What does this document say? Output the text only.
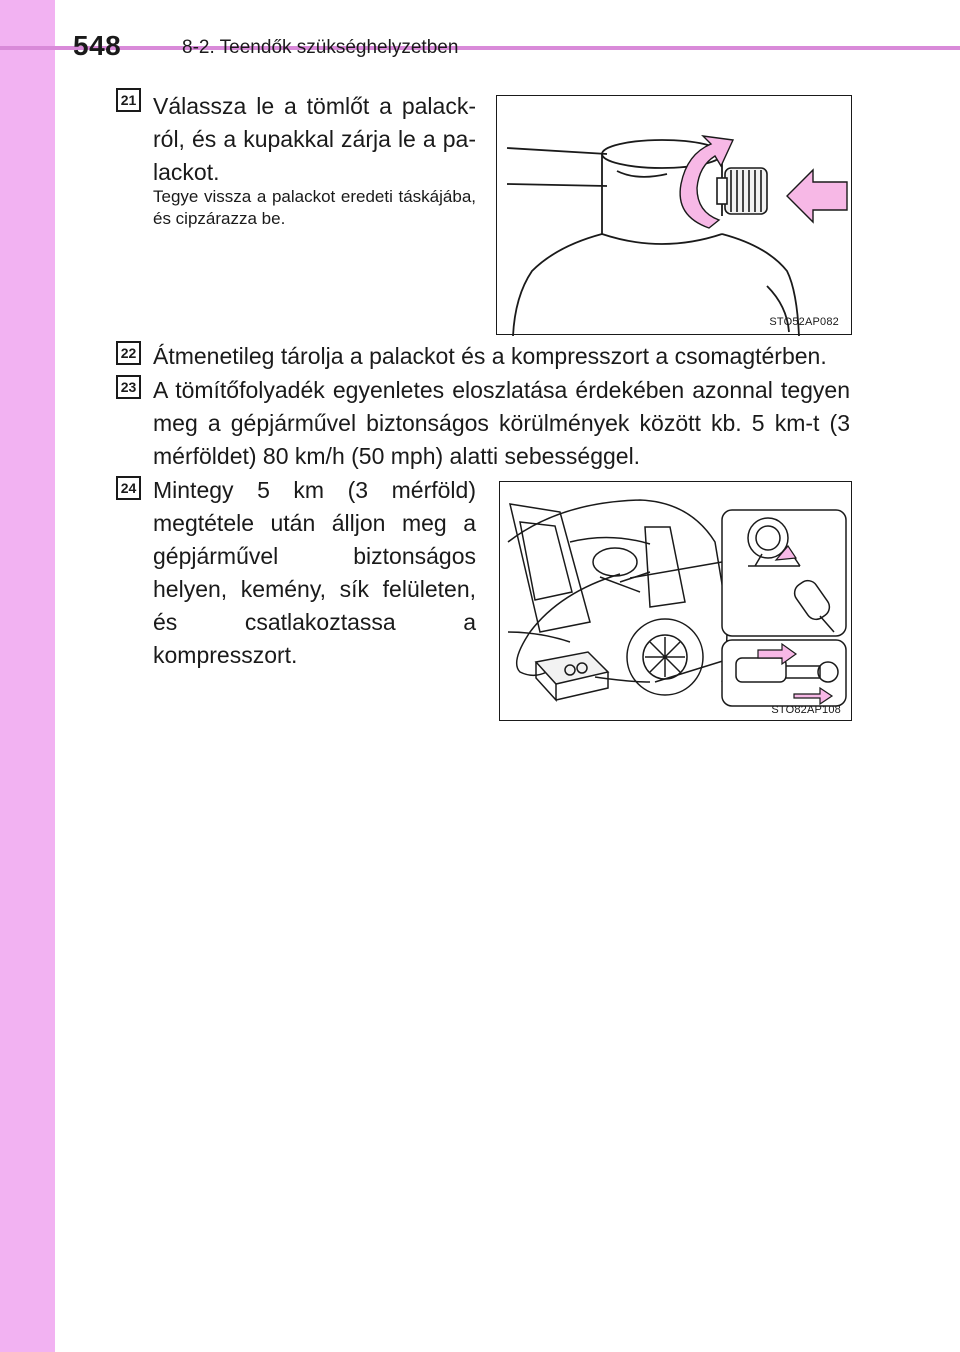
548	8-2. Teendők szükséghelyzetben
21 Válassza le a tömlőt a palackról, és a kupakkal zárja le a palackot.
Tegye vissza a palackot eredeti táskájába, és cipzárazza be.
STO52AP082
22 Átmenetileg tárolja a palackot és a kompresszort a csomagtérben.
23 A tömítőfolyadék egyenletes eloszlatása érdekében azonnal tegyen meg a gépjárművel biztonságos körülmények között kb. 5 km-t (3 mérföldet) 80 km/h (50 mph) alatti sebességgel.
24 Mintegy 5 km (3 mérföld) megtétele után álljon meg a gépjárművel biztonságos helyen, kemény, sík felületen, és csatlakoztassa a kompresszort.
STO82AP108
